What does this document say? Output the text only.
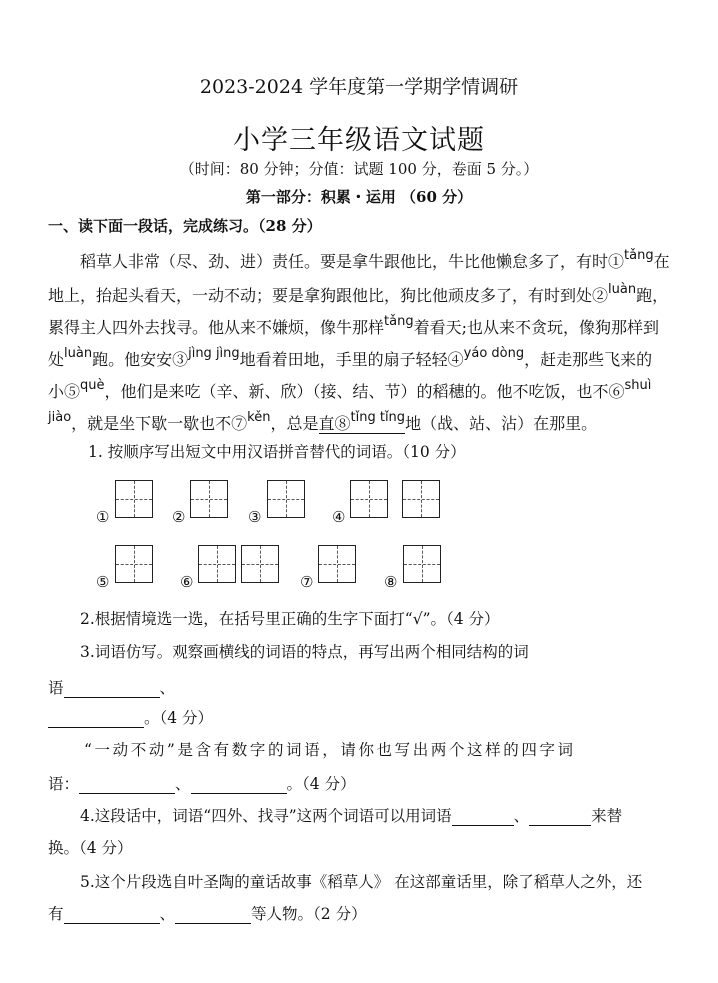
2023-2024 学年度第一学期学情调研
小学三年级语文试题
（时间：80 分钟；分值：试题 100 分，卷面 5 分。）
第一部分：积累・运用 （60 分）
一、读下面一段话，完成练习。（28 分）
稻草人非常（尽、劲、进）责任。要是拿牛跟他比，牛比他懒怠多了，有时①$^{tǎng}$在
地上，抬起头看天，一动不动；要是拿狗跟他比，狗比他顽皮多了，有时到处②$^{luàn}$跑，
累得主人四外去找寻。他从来不嫌烦，像牛那样$^{tǎng}$着看天;也从来不贪玩，像狗那样到
处$^{luàn}$跑。他安安③$^{jìng jìng}$地看着田地，手里的扇子轻轻④$^{yáo dòng}$，赶走那些飞来的
小⑤$^{què}$，他们是来吃（辛、新、欣）（接、结、节）的稻穗的。他不吃饭，也不⑥$^{shuì}$
$^{jiào}$，就是坐下歇一歇也不⑦$^{kěn}$，总是直⑧$^{tǐng tǐng}$地（战、站、沾）在那里。
1. 按顺序写出短文中用汉语拼音替代的词语。（10 分）
①	②	③	④
⑤	⑥	⑦	⑧
2.根据情境选一选，在括号里正确的生字下面打“√”。（4 分）
3.词语仿写。观察画横线的词语的特点，再写出两个相同结构的词
语	、
。（4 分）
“一动不动”是含有数字的词语，请你也写出两个这样的四字词
语：	、	。（4 分）
4.这段话中，词语“四外、找寻”这两个词语可以用词语	、	来替
换。（4 分）
5.这个片段选自叶圣陶的童话故事《稻草人》 在这部童话里，除了稻草人之外，还
有	、	等人物。（2 分）
